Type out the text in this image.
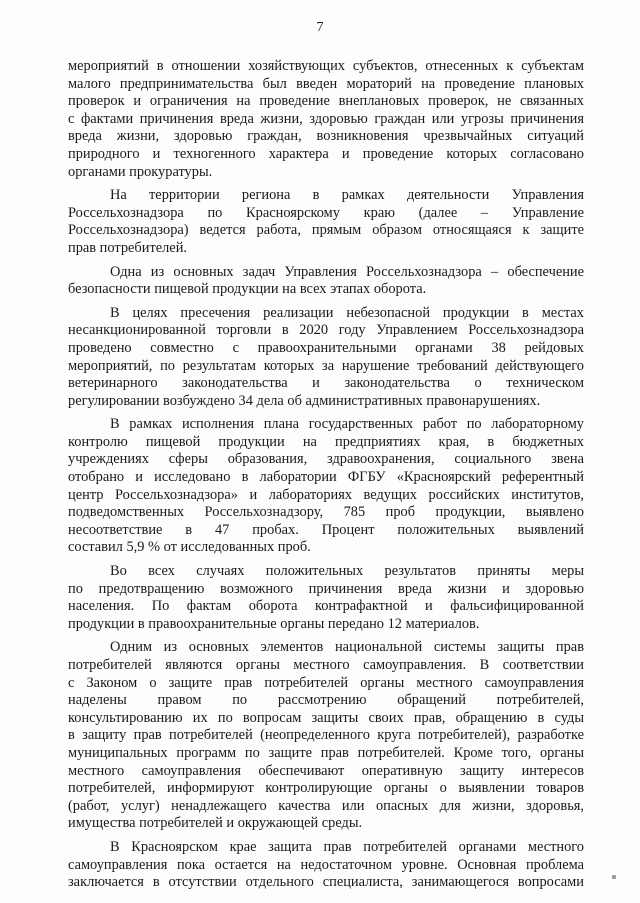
7
мероприятий в отношении хозяйствующих субъектов, отнесенных к субъектам
малого предпринимательства был введен мораторий на проведение плановых
проверок и ограничения на проведение внеплановых проверок, не связанных
с фактами причинения вреда жизни, здоровью граждан или угрозы причинения
вреда жизни, здоровью граждан, возникновения чрезвычайных ситуаций
природного и техногенного характера и проведение которых согласовано
органами прокуратуры.
На территории региона в рамках деятельности Управления
Россельхознадзора по Красноярскому краю (далее – Управление
Россельхознадзора) ведется работа, прямым образом относящаяся к защите
прав потребителей.
Одна из основных задач Управления Россельхознадзора – обеспечение
безопасности пищевой продукции на всех этапах оборота.
В целях пресечения реализации небезопасной продукции в местах
несанкционированной торговли в 2020 году Управлением Россельхознадзора
проведено совместно с правоохранительными органами 38 рейдовых
мероприятий, по результатам которых за нарушение требований действующего
ветеринарного законодательства и законодательства о техническом
регулировании возбуждено 34 дела об административных правонарушениях.
В рамках исполнения плана государственных работ по лабораторному
контролю пищевой продукции на предприятиях края, в бюджетных
учреждениях сферы образования, здравоохранения, социального звена
отобрано и исследовано в лаборатории ФГБУ «Красноярский референтный
центр Россельхознадзора» и лабораториях ведущих российских институтов,
подведомственных Россельхознадзору, 785 проб продукции, выявлено
несоответствие в 47 пробах. Процент положительных выявлений
составил 5,9 % от исследованных проб.
Во всех случаях положительных результатов приняты меры
по предотвращению возможного причинения вреда жизни и здоровью
населения. По фактам оборота контрафактной и фальсифицированной
продукции в правоохранительные органы передано 12 материалов.
Одним из основных элементов национальной системы защиты прав
потребителей являются органы местного самоуправления. В соответствии
с Законом о защите прав потребителей органы местного самоуправления
наделены правом по рассмотрению обращений потребителей,
консультированию их по вопросам защиты своих прав, обращению в суды
в защиту прав потребителей (неопределенного круга потребителей), разработке
муниципальных программ по защите прав потребителей. Кроме того, органы
местного самоуправления обеспечивают оперативную защиту интересов
потребителей, информируют контролирующие органы о выявлении товаров
(работ, услуг) ненадлежащего качества или опасных для жизни, здоровья,
имущества потребителей и окружающей среды.
В Красноярском крае защита прав потребителей органами местного
самоуправления пока остается на недостаточном уровне. Основная проблема
заключается в отсутствии отдельного специалиста, занимающегося вопросами
